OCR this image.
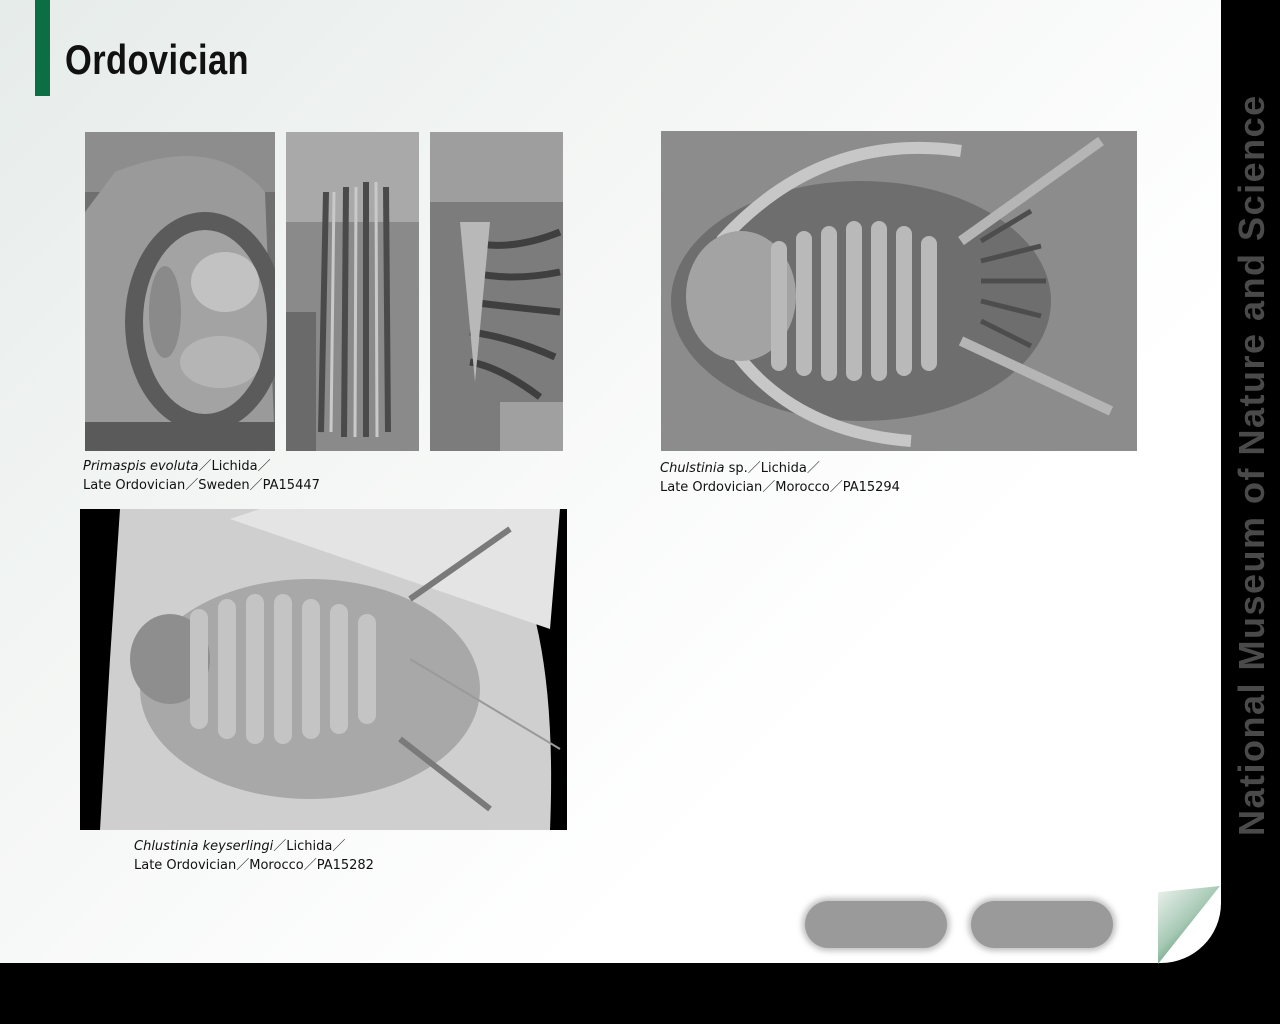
Ordovician
National Museum of Nature and Science
Primaspis evoluta／Lichida／
Late Ordovician／Sweden／PA15447
Chulstinia sp.／Lichida／
Late Ordovician／Morocco／PA15294
Chlustinia keyserlingi／Lichida／
Late Ordovician／Morocco／PA15282
